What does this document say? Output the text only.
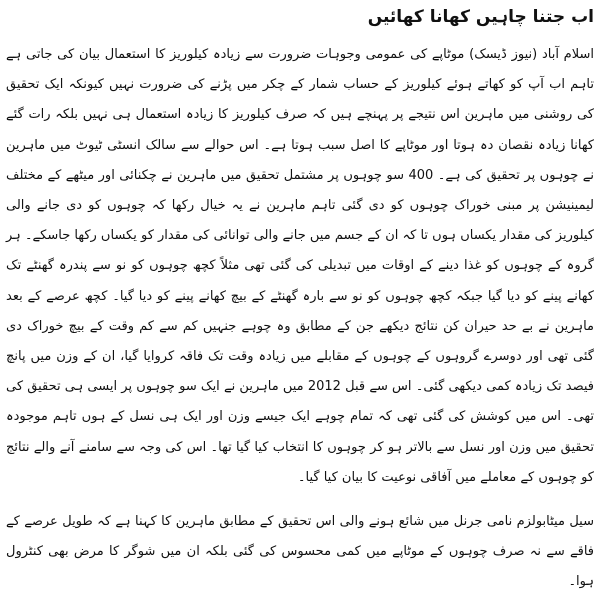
اب جتنا چاہیں کھانا کھائیں

اسلام آباد (نیوز ڈیسک) موٹاپے کی عمومی وجوہات ضرورت سے زیادہ کیلوریز کا استعمال بیان کی جاتی ہے تاہم اب آپ کو کھاتے ہوئے کیلوریز کے حساب شمار کے چکر میں پڑنے کی ضرورت نہیں کیونکہ ایک تحقیق کی روشنی میں ماہرین اس نتیجے پر پہنچے ہیں کہ صرف کیلوریز کا زیادہ استعمال ہی نہیں بلکہ رات گئے کھانا زیادہ نقصان دہ ہوتا اور موٹاپے کا اصل سبب ہوتا ہے۔ اس حوالے سے سالک انسٹی ٹیوٹ میں ماہرین نے چوہوں پر تحقیق کی ہے۔ 400 سو چوہوں پر مشتمل تحقیق میں ماہرین نے چکنائی اور میٹھے کے مختلف لیمینیشن پر مبنی خوراک چوہوں کو دی گئی تاہم ماہرین نے یہ خیال رکھا کہ چوہوں کو دی جانے والی کیلوریز کی مقدار یکساں ہوں تا کہ ان کے جسم میں جانے والی توانائی کی مقدار کو یکساں رکھا جاسکے۔ ہر گروہ کے چوہوں کو غذا دینے کے اوقات میں تبدیلی کی گئی تھی مثلاً کچھ چوہوں کو نو سے پندرہ گھنٹے تک کھانے پینے کو دیا گیا جبکہ کچھ چوہوں کو نو سے بارہ گھنٹے کے بیچ کھانے پینے کو دیا گیا۔ کچھ عرصے کے بعد ماہرین نے بے حد حیران کن نتائج دیکھے جن کے مطابق وہ چوہے جنہیں کم سے کم وقت کے بیچ خوراک دی گئی تھی اور دوسرے گروہوں کے چوہوں کے مقابلے میں زیادہ وقت تک فاقہ کروایا گیا، ان کے وزن میں پانچ فیصد تک زیادہ کمی دیکھی گئی۔ اس سے قبل 2012 میں ماہرین نے ایک سو چوہوں پر ایسی ہی تحقیق کی تھی۔ اس میں کوشش کی گئی تھی کہ تمام چوہے ایک جیسے وزن اور ایک ہی نسل کے ہوں تاہم موجودہ تحقیق میں وزن اور نسل سے بالاتر ہو کر چوہوں کا انتخاب کیا گیا تھا۔ اس کی وجہ سے سامنے آنے والے نتائج کو چوہوں کے معاملے میں آفاقی نوعیت کا بیان کیا گیا۔

سیل میٹابولزم نامی جرنل میں شائع ہونے والی اس تحقیق کے مطابق ماہرین کا کہنا ہے کہ طویل عرصے کے فاقے سے نہ صرف چوہوں کے موٹاپے میں کمی محسوس کی گئی بلکہ ان میں شوگر کا مرض بھی کنٹرول ہوا۔
